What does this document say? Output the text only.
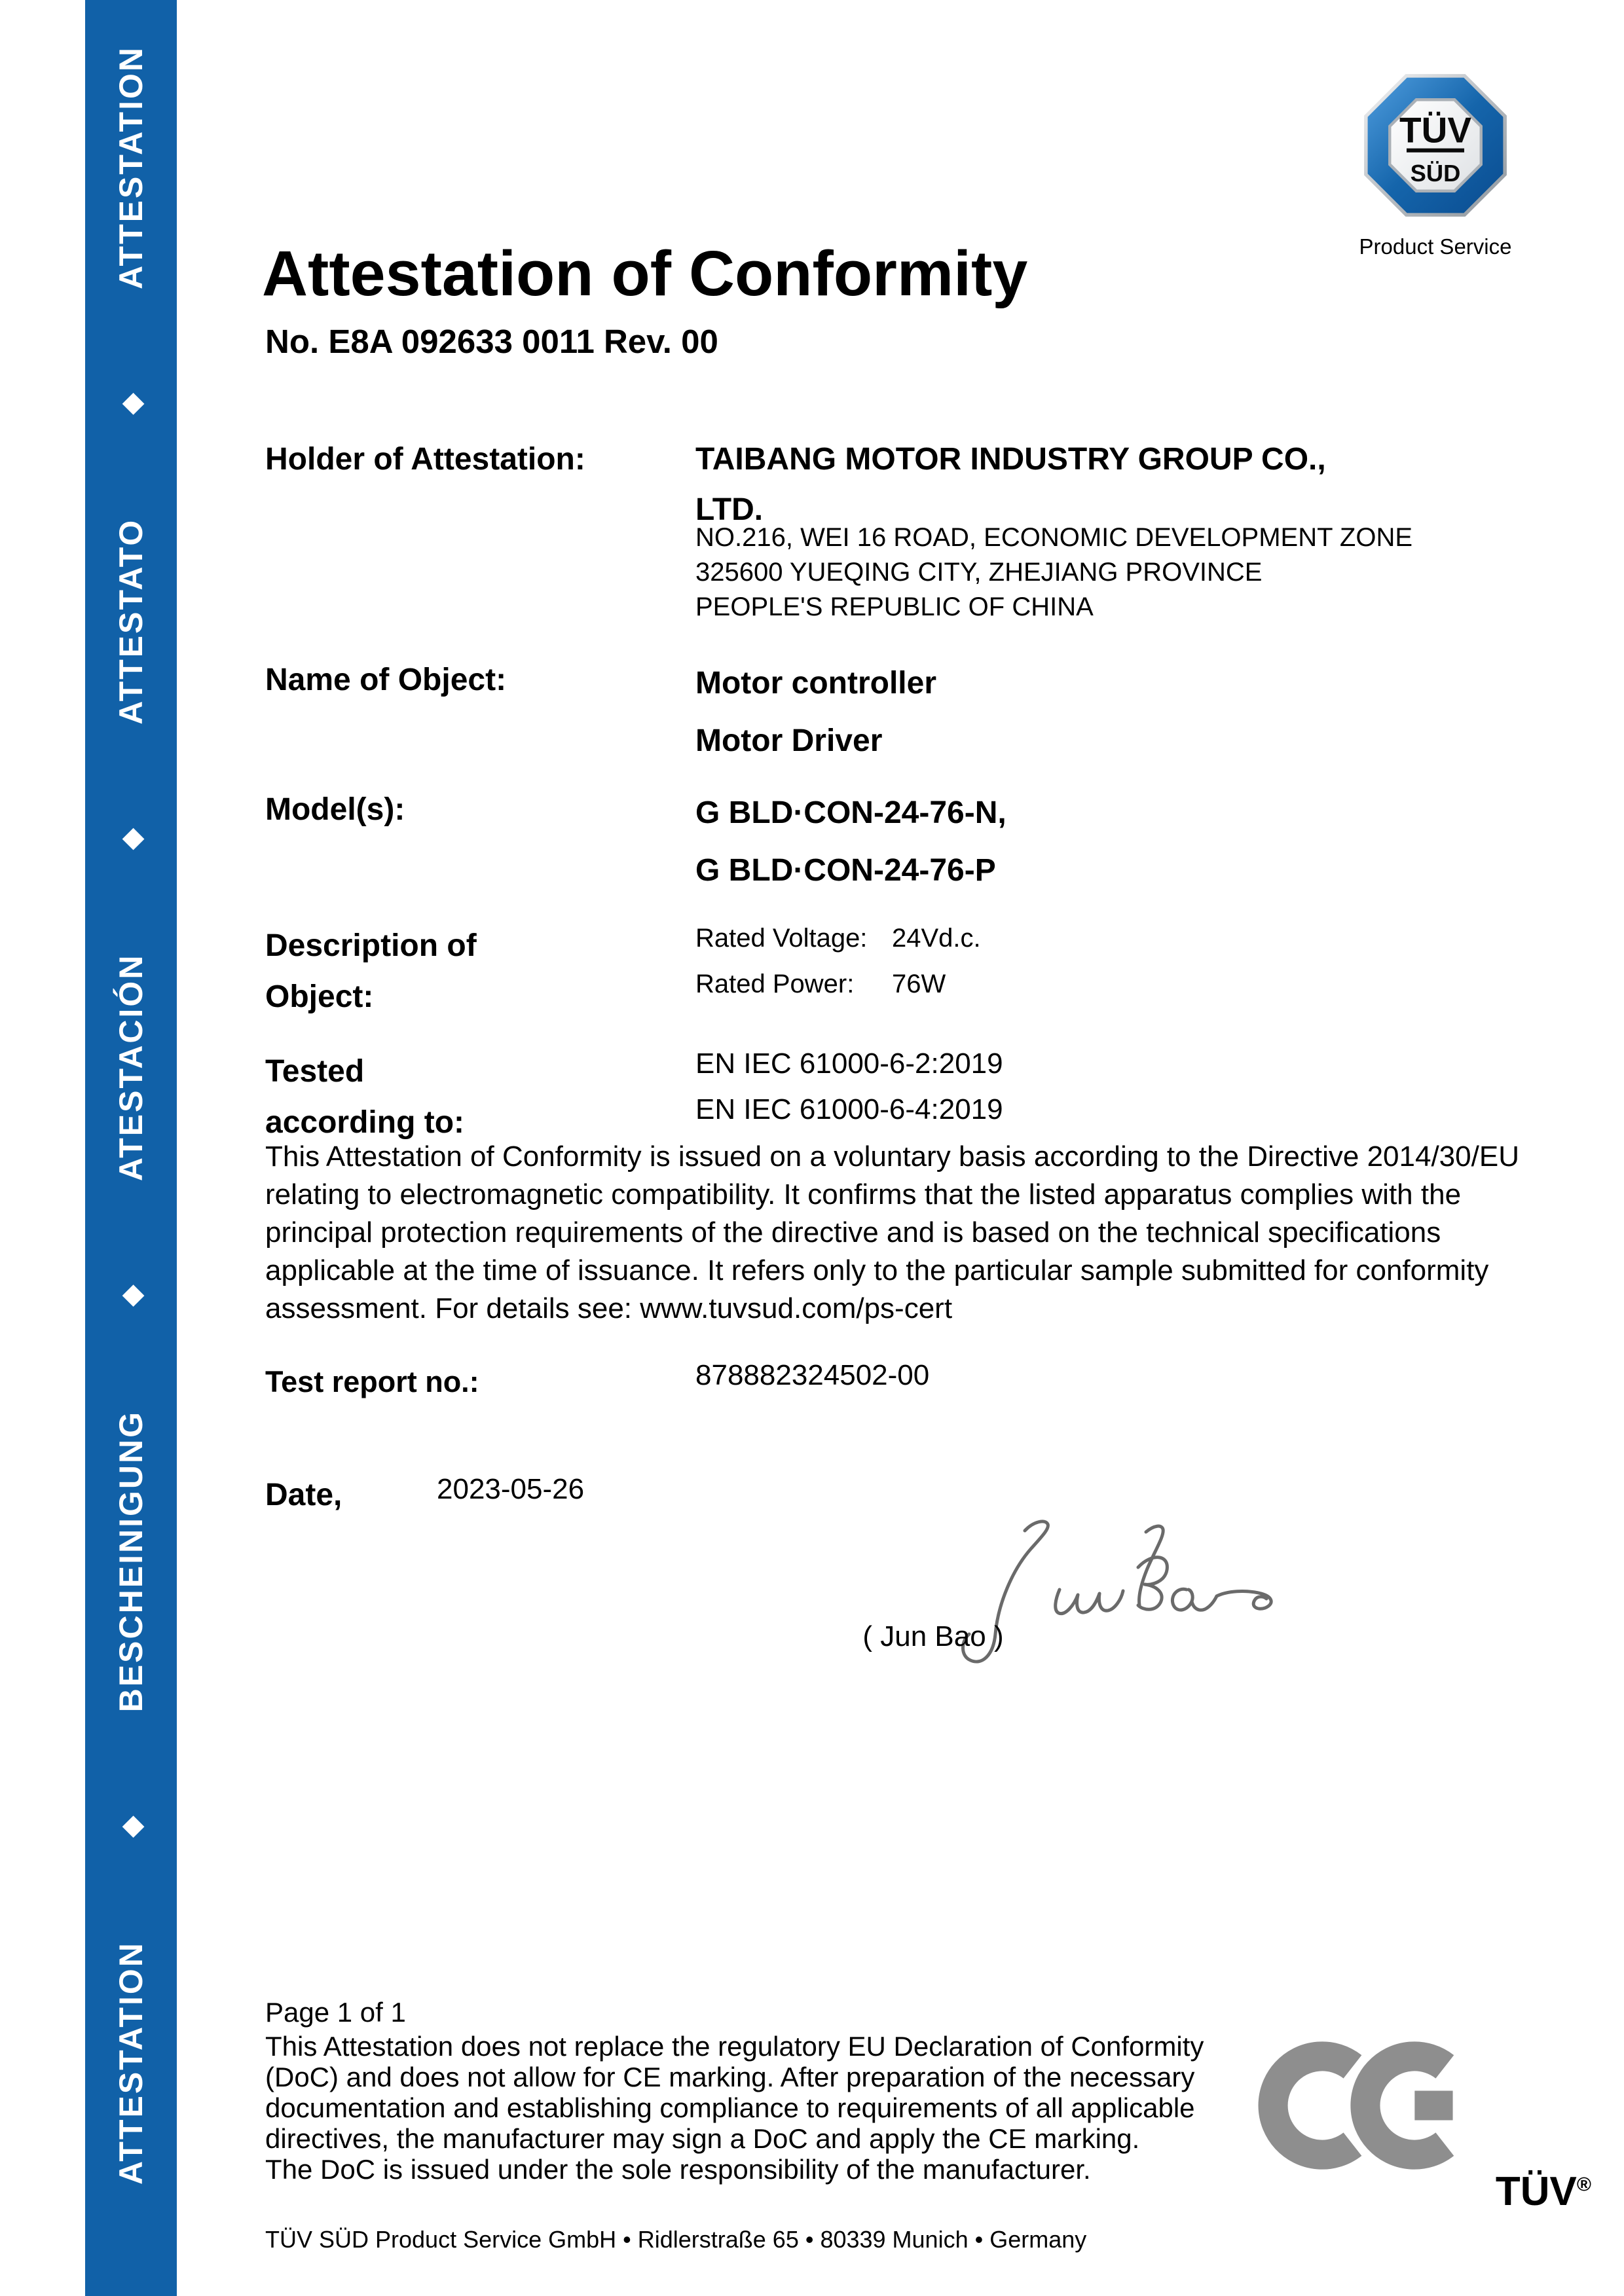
ATTESTATION
◆
BESCHEINIGUNG
◆
ATESTACIÓN
◆
ATTESTATO
◆
ATTESTATION	TÜV
SÜD
Product Service
Attestation of Conformity
No. E8A 092633 0011 Rev. 00
Holder of Attestation:	TAIBANG MOTOR INDUSTRY GROUP CO.,
LTD.
NO.216, WEI 16 ROAD, ECONOMIC DEVELOPMENT ZONE
325600 YUEQING CITY, ZHEJIANG PROVINCE
PEOPLE'S REPUBLIC OF CHINA
Name of Object:	Motor controller
Motor Driver
Model(s):	G BLD·CON-24-76-N,
G BLD·CON-24-76-P
Description of
Object:
Rated Voltage: 24Vd.c.
Rated Power: 76W
Tested
according to:
EN IEC 61000-6-2:2019
EN IEC 61000-6-4:2019
This Attestation of Conformity is issued on a voluntary basis according to the Directive 2014/30/EU
relating to electromagnetic compatibility. It confirms that the listed apparatus complies with the
principal protection requirements of the directive and is based on the technical specifications
applicable at the time of issuance. It refers only to the particular sample submitted for conformity
assessment. For details see: www.tuvsud.com/ps-cert
Test report no.:	878882324502-00
Date,	2023-05-26
( Jun Bao )
Page 1 of 1
This Attestation does not replace the regulatory EU Declaration of Conformity
(DoC) and does not allow for CE marking. After preparation of the necessary
documentation and establishing compliance to requirements of all applicable
directives, the manufacturer may sign a DoC and apply the CE marking.
The DoC is issued under the sole responsibility of the manufacturer.	TÜV®
TÜV SÜD Product Service GmbH • Ridlerstraße 65 • 80339 Munich • Germany
